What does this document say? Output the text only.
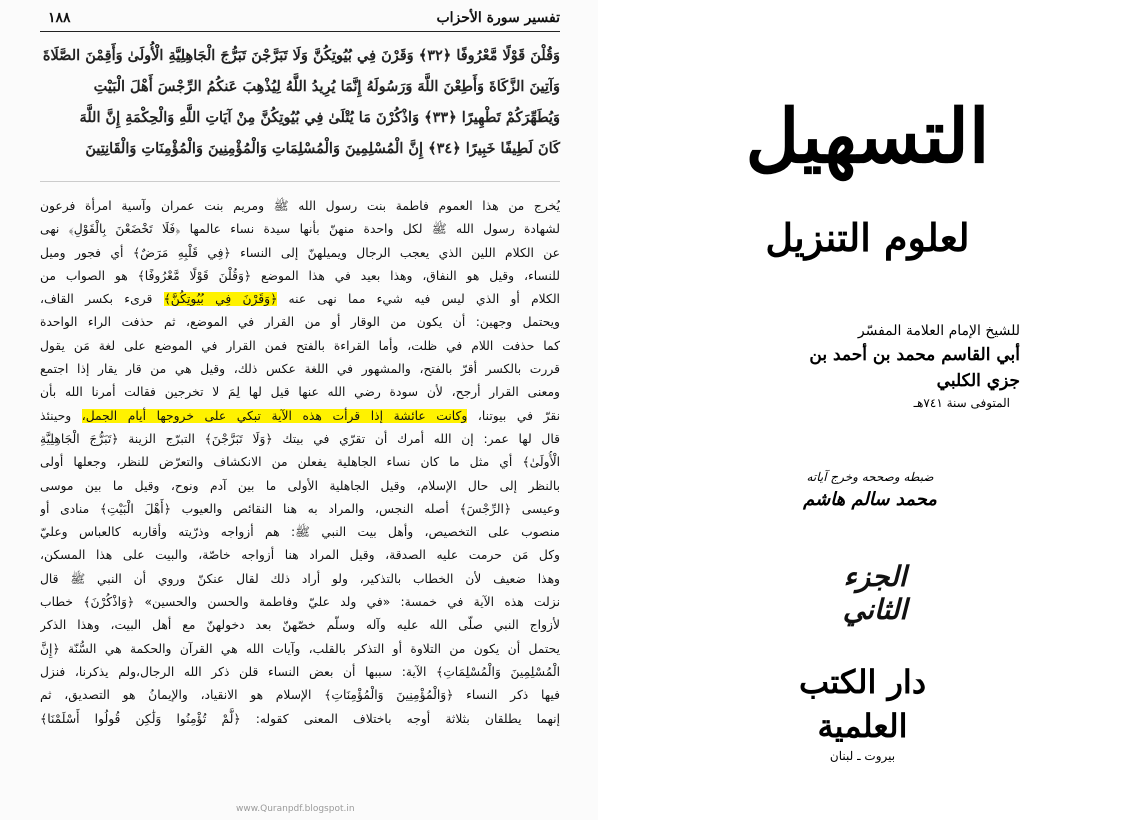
تفسير سورة الأحزاب
١٨٨
وَقُلْنَ قَوْلًا مَّعْرُوفًا ﴿٣٢﴾ وَقَرْنَ فِي بُيُوتِكُنَّ وَلَا تَبَرَّجْنَ تَبَرُّجَ الْجَاهِلِيَّةِ الْأُولَىٰ وَأَقِمْنَ الصَّلَاةَ
وَآتِينَ الزَّكَاةَ وَأَطِعْنَ اللَّهَ وَرَسُولَهُ إِنَّمَا يُرِيدُ اللَّهُ لِيُذْهِبَ عَنكُمُ الرِّجْسَ أَهْلَ الْبَيْتِ
وَيُطَهِّرَكُمْ تَطْهِيرًا ﴿٣٣﴾ وَاذْكُرْنَ مَا يُتْلَىٰ فِي بُيُوتِكُنَّ مِنْ آيَاتِ اللَّهِ وَالْحِكْمَةِ إِنَّ اللَّهَ
كَانَ لَطِيفًا خَبِيرًا ﴿٣٤﴾ إِنَّ الْمُسْلِمِينَ وَالْمُسْلِمَاتِ وَالْمُؤْمِنِينَ وَالْمُؤْمِنَاتِ وَالْقَانِتِينَ
يُخرج من هذا العموم فاطمة بنت رسول الله ﷺ ومريم بنت عمران وآسية امرأة فرعون
لشهادة رسول الله ﷺ لكل واحدة منهنّ بأنها سيدة نساء عالمها ﴿فَلَا تَخْضَعْنَ بِالْقَوْلِ﴾ نهى
عن الكلام اللين الذي يعجب الرجال ويميلهنّ إلى النساء ﴿فِي قَلْبِهِ مَرَضٌ﴾ أي فجور وميل
للنساء، وقيل هو النفاق، وهذا بعيد في هذا الموضع ﴿وَقُلْنَ قَوْلًا مَّعْرُوفًا﴾ هو الصواب من
الكلام أو الذي ليس فيه شيء مما نهى عنه ﴿وَقَرْنَ فِي بُيُوتِكُنَّ﴾ قرىء بكسر القاف،
ويحتمل وجهين: أن يكون من الوقار أو من القرار في الموضع، ثم حذفت الراء الواحدة
كما حذفت اللام في ظلت، وأما القراءة بالفتح فمن القرار في الموضع على لغة مَن يقول
قررت بالكسر أقرّ بالفتح، والمشهور في اللغة عكس ذلك، وقيل هي من قار يقار إذا اجتمع
ومعنى القرار أرجح، لأن سودة رضي الله عنها قيل لها لِمَ لا تخرجين فقالت أمرنا الله بأن
نقرّ في بيوتنا، وكانت عائشة إذا قرأت هذه الآية تبكي على خروجها أيام الجمل، وحينئذ
قال لها عمر: إن الله أمرك أن تقرّي في بيتك ﴿وَلَا تَبَرَّجْنَ﴾ التبرّج الزينة ﴿تَبَرُّجَ الْجَاهِلِيَّةِ
الْأُولَىٰ﴾ أي مثل ما كان نساء الجاهلية يفعلن من الانكشاف والتعرّض للنظر، وجعلها أولى
بالنظر إلى حال الإسلام، وقيل الجاهلية الأولى ما بين آدم ونوح، وقيل ما بين موسى
وعيسى ﴿الرِّجْسَ﴾ أصله النجس، والمراد به هنا النقائص والعيوب ﴿أَهْلَ الْبَيْتِ﴾ منادى أو
منصوب على التخصيص، وأهل بيت النبي ﷺ: هم أزواجه وذرّيته وأقاربه كالعباس وعليّ
وكل مَن حرمت عليه الصدقة، وقيل المراد هنا أزواجه خاصّة، والبيت على هذا المسكن،
وهذا ضعيف لأن الخطاب بالتذكير، ولو أراد ذلك لقال عنكنّ وروي أن النبي ﷺ قال
نزلت هذه الآية في خمسة: «في ولد عليّ وفاطمة والحسن والحسين» ﴿وَاذْكُرْنَ﴾ خطاب
لأزواج النبي صلّى الله عليه وآله وسلّم خصّهنّ بعد دخولهنّ مع أهل البيت، وهذا الذكر
يحتمل أن يكون من التلاوة أو التذكر بالقلب، وآيات الله هي القرآن والحكمة هي السُّنّة ﴿إِنَّ
الْمُسْلِمِينَ وَالْمُسْلِمَاتِ﴾ الآية: سببها أن بعض النساء قلن ذكر الله الرجال،ولم يذكرنا، فنزل
فيها ذكر النساء ﴿وَالْمُؤْمِنِينَ وَالْمُؤْمِنَاتِ﴾ الإسلام هو الانقياد، والإيمانُ هو التصديق، ثم
إنهما يطلقان بثلاثة أوجه باختلاف المعنى كقوله: ﴿لَّمْ تُؤْمِنُوا وَلَٰكِن قُولُوا أَسْلَمْنَا﴾
www.Quranpdf.blogspot.in
التسهيل
لعلوم التنزيل
للشيخ الإمام العلامة المفسّر
أبي القاسم محمد بن أحمد بن جزي الكلبي
المتوفى سنة ٧٤١هـ
ضبطه وصححه وخرج آياته
محمد سالم هاشم
الجزء الثاني
دار الكتب العلمية
بيروت ـ لبنان
